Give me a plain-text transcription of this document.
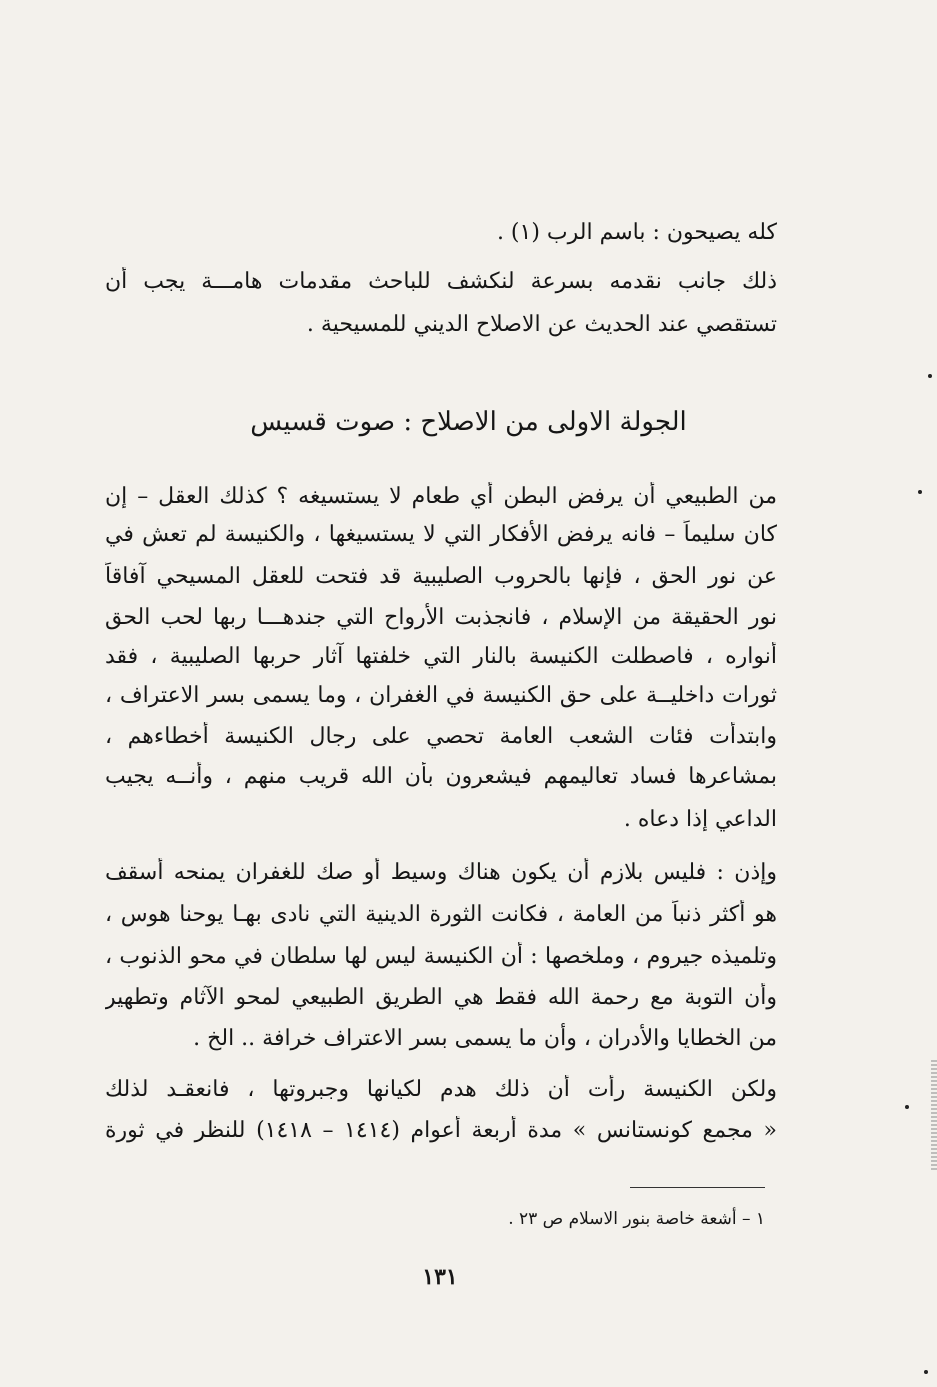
كله يصيحون : باسم الرب (١) .
ذلك جانب نقدمه بسرعة لنكشف للباحث مقدمات هامـــة يجب أن
تستقصي عند الحديث عن الاصلاح الديني للمسيحية .
الجولة الاولى من الاصلاح : صوت قسيس
من الطبيعي أن يرفض البطن أي طعام لا يستسيغه ؟ كذلك العقل – إن
كان سليماً – فانه يرفض الأفكار التي لا يستسيغها ، والكنيسة لم تعش في
عن نور الحق ، فإنها بالحروب الصليبية قد فتحت للعقل المسيحي آفاقاً
نور الحقيقة من الإسلام ، فانجذبت الأرواح التي جندهـــا ربها لحب الحق
أنواره ، فاصطلت الكنيسة بالنار التي خلفتها آثار حربها الصليبية ، فقد
ثورات داخليــة على حق الكنيسة في الغفران ، وما يسمى بسر الاعتراف ،
وابتدأت فئات الشعب العامة تحصي على رجال الكنيسة أخطاءهم ،
بمشاعرها فساد تعاليمهم فيشعرون بأن الله قريب منهم ، وأنــه يجيب
الداعي إذا دعاه .
وإذن : فليس بلازم أن يكون هناك وسيط أو صك للغفران يمنحه أسقف
هو أكثر ذنباً من العامة ، فكانت الثورة الدينية التي نادى بهـا يوحنا هوس ،
وتلميذه جيروم ، وملخصها : أن الكنيسة ليس لها سلطان في محو الذنوب ،
وأن التوبة مع رحمة الله فقط هي الطريق الطبيعي لمحو الآثام وتطهير
من الخطايا والأدران ، وأن ما يسمى بسر الاعتراف خرافة .. الخ .
ولكن الكنيسة رأت أن ذلك هدم لكيانها وجبروتها ، فانعقـد لذلك
« مجمع كونستانس » مدة أربعة أعوام (١٤١٤ – ١٤١٨) للنظر في ثورة
١ – أشعة خاصة بنور الاسلام ص ٢٣ .
١٣١
